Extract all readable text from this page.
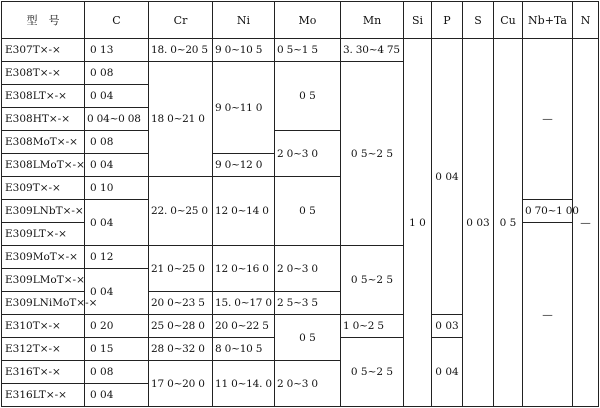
型　号	C	Cr	Ni	Mo	Mn	Si	P	S	Cu	Nb+Ta	N
E307T×-×	0 13	18. 0~20 5	9 0~10 5	0 5~1 5	3. 30~4 75	1 0	0 04	0 03	0 5	—	—
E308T×-×	0 08	18 0~21 0	9 0~11 0	0 5	0 5~2 5						
E308LT×-×	0 04										
E308HT×-×	0 04~0 08										
E308MoT×-×	0 08			2 0~3 0							
E308LMoT×-×	0 04		9 0~12 0								
E309T×-×	0 10	22. 0~25 0	12 0~14 0	0 5							
E309LNbT×-×	0 04									0 70~1 00	
E309LT×-×										—	
E309MoT×-×	0 12	21 0~25 0	12 0~16 0	2 0~3 0	0 5~2 5						
E309LMoT×-×	0 04										
E309LNiMoT×-×		20 0~23 5	15. 0~17 0	2 5~3 5							
E310T×-×	0 20	25 0~28 0	20 0~22 5	0 5	1 0~2 5		0 03				
E312T×-×	0 15	28 0~32 0	8 0~10 5		0 5~2 5		0 04				
E316T×-×	0 08	17 0~20 0	11 0~14. 0	2 0~3 0							
E316LT×-×	0 04										
